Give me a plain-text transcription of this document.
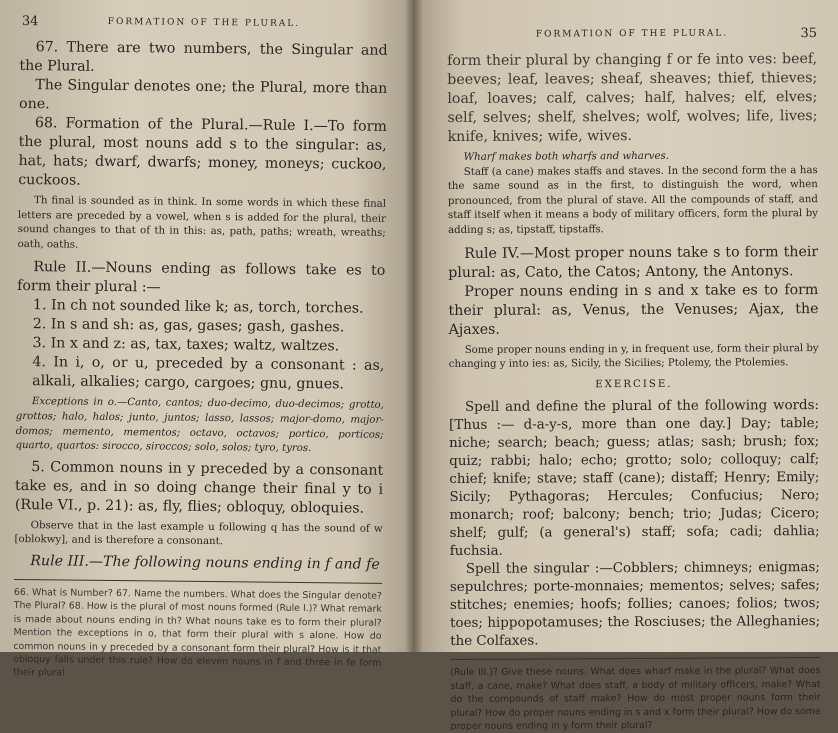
34	FORMATION OF THE PLURAL.

67. There are two numbers, the Singular and the Plural.

The Singular denotes one; the Plural, more than one.

68. Formation of the Plural.—Rule I.—To form the plural, most nouns add s to the singular: as, hat, hats; dwarf, dwarfs; money, moneys; cuckoo, cuckoos.

Th final is sounded as in think. In some words in which these final letters are preceded by a vowel, when s is added for the plural, their sound changes to that of th in this: as, path, paths; wreath, wreaths; oath, oaths.

Rule II.—Nouns ending as follows take es to form their plural :—

1. In ch not sounded like k; as, torch, torches.

2. In s and sh: as, gas, gases; gash, gashes.

3. In x and z: as, tax, taxes; waltz, waltzes.

4. In i, o, or u, preceded by a consonant : as, alkali, alkalies; cargo, cargoes; gnu, gnues.

Exceptions in o.—Canto, cantos; duo-decimo, duo-decimos; grotto, grottos; halo, halos; junto, juntos; lasso, lassos; major-domo, major-domos; memento, mementos; octavo, octavos; portico, porticos; quarto, quartos: sirocco, siroccos; solo, solos; tyro, tyros.

5. Common nouns in y preceded by a consonant take es, and in so doing change their final y to i (Rule VI., p. 21): as, fly, flies; obloquy, obloquies.

Observe that in the last example u following q has the sound of w [oblokwy], and is therefore a consonant.

Rule III.—The following nouns ending in f and fe

66. What is Number? 67. Name the numbers. What does the Singular denote? The Plural? 68. How is the plural of most nouns formed (Rule I.)? What remark is made about nouns ending in th? What nouns take es to form their plural? Mention the exceptions in o, that form their plural with s alone. How do common nouns in y preceded by a consonant form their plural? How is it that obloquy falls under this rule? How do eleven nouns in f and three in fe form their plural

FORMATION OF THE PLURAL.	35

form their plural by changing f or fe into ves: beef, beeves; leaf, leaves; sheaf, sheaves; thief, thieves; loaf, loaves; calf, calves; half, halves; elf, elves; self, selves; shelf, shelves; wolf, wolves; life, lives; knife, knives; wife, wives.

Wharf makes both wharfs and wharves.

Staff (a cane) makes staffs and staves. In the second form the a has the same sound as in the first, to distinguish the word, when pronounced, from the plural of stave. All the compounds of staff, and staff itself when it means a body of military officers, form the plural by adding s; as, tipstaff, tipstaffs.

Rule IV.—Most proper nouns take s to form their plural: as, Cato, the Catos; Antony, the Antonys.

Proper nouns ending in s and x take es to form their plural: as, Venus, the Venuses; Ajax, the Ajaxes.

Some proper nouns ending in y, in frequent use, form their plural by changing y into ies: as, Sicily, the Sicilies; Ptolemy, the Ptolemies.

EXERCISE.

Spell and define the plural of the following words: [Thus :— d-a-y-s, more than one day.] Day; table; niche; search; beach; guess; atlas; sash; brush; fox; quiz; rabbi; halo; echo; grotto; solo; colloquy; calf; chief; knife; stave; staff (cane); distaff; Henry; Emily; Sicily; Pythagoras; Hercules; Confucius; Nero; monarch; roof; balcony; bench; trio; Judas; Cicero; shelf; gulf; (a general's) staff; sofa; cadi; dahlia; fuchsia.

Spell the singular :—Cobblers; chimneys; enigmas; sepulchres; porte-monnaies; mementos; selves; safes; stitches; enemies; hoofs; follies; canoes; folios; twos; toes; hippopotamuses; the Rosciuses; the Alleghanies; the Colfaxes.

(Rule III.)? Give these nouns. What does wharf make in the plural? What does staff, a cane, make? What does staff, a body of military officers, make? What do the compounds of staff make? How do most proper nouns form their plural? How do proper nouns ending in s and x form their plural? How do some proper nouns ending in y form their plural?
